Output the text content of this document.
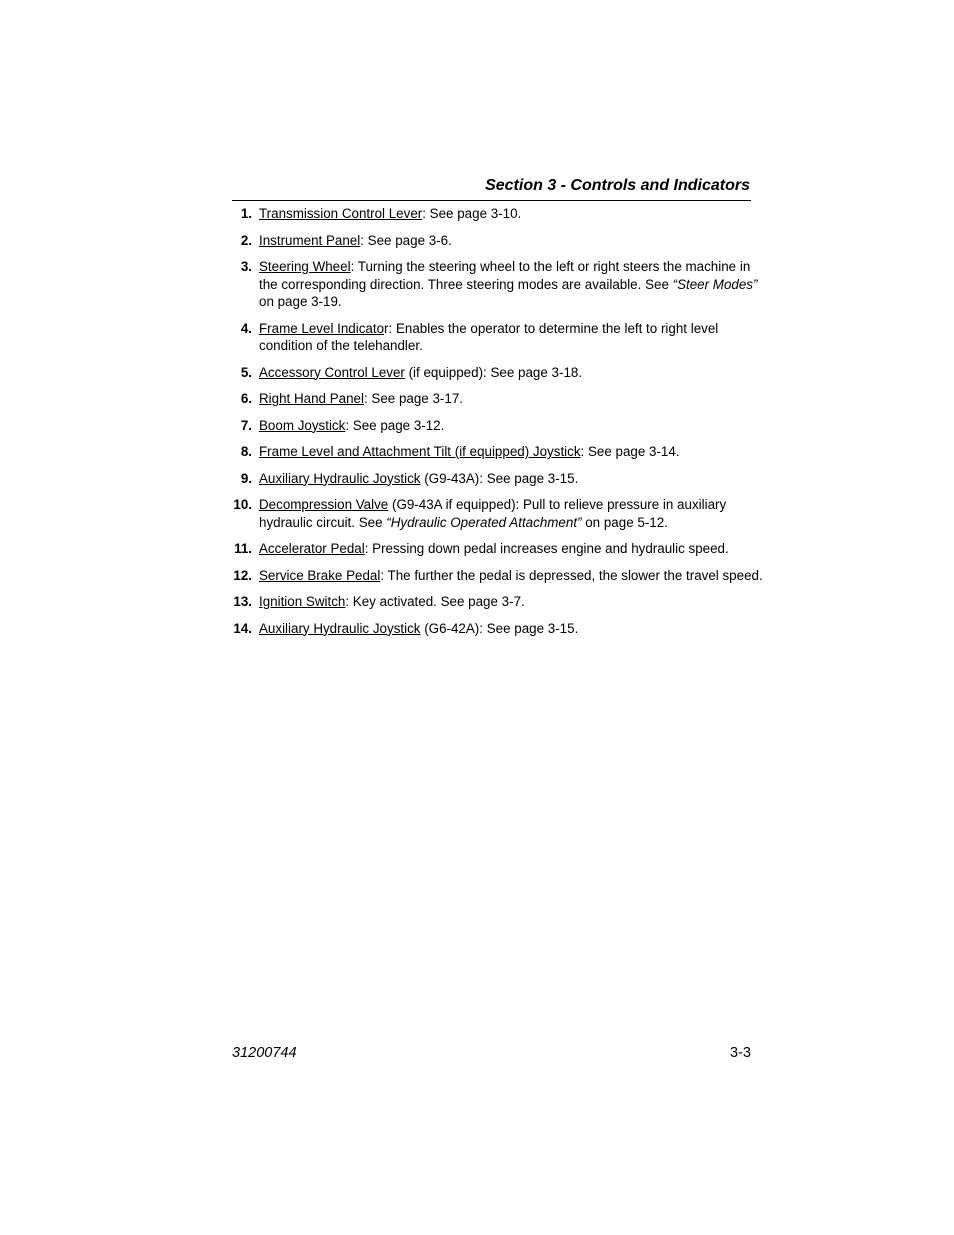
Section 3 - Controls and Indicators
1. Transmission Control Lever: See page 3-10.
2. Instrument Panel: See page 3-6.
3. Steering Wheel: Turning the steering wheel to the left or right steers the machine in the corresponding direction. Three steering modes are available. See “Steer Modes” on page 3-19.
4. Frame Level Indicator: Enables the operator to determine the left to right level condition of the telehandler.
5. Accessory Control Lever (if equipped): See page 3-18.
6. Right Hand Panel: See page 3-17.
7. Boom Joystick: See page 3-12.
8. Frame Level and Attachment Tilt (if equipped) Joystick: See page 3-14.
9. Auxiliary Hydraulic Joystick (G9-43A): See page 3-15.
10. Decompression Valve (G9-43A if equipped): Pull to relieve pressure in auxiliary hydraulic circuit. See “Hydraulic Operated Attachment” on page 5-12.
11. Accelerator Pedal: Pressing down pedal increases engine and hydraulic speed.
12. Service Brake Pedal: The further the pedal is depressed, the slower the travel speed.
13. Ignition Switch: Key activated. See page 3-7.
14. Auxiliary Hydraulic Joystick (G6-42A): See page 3-15.
31200744	3-3
